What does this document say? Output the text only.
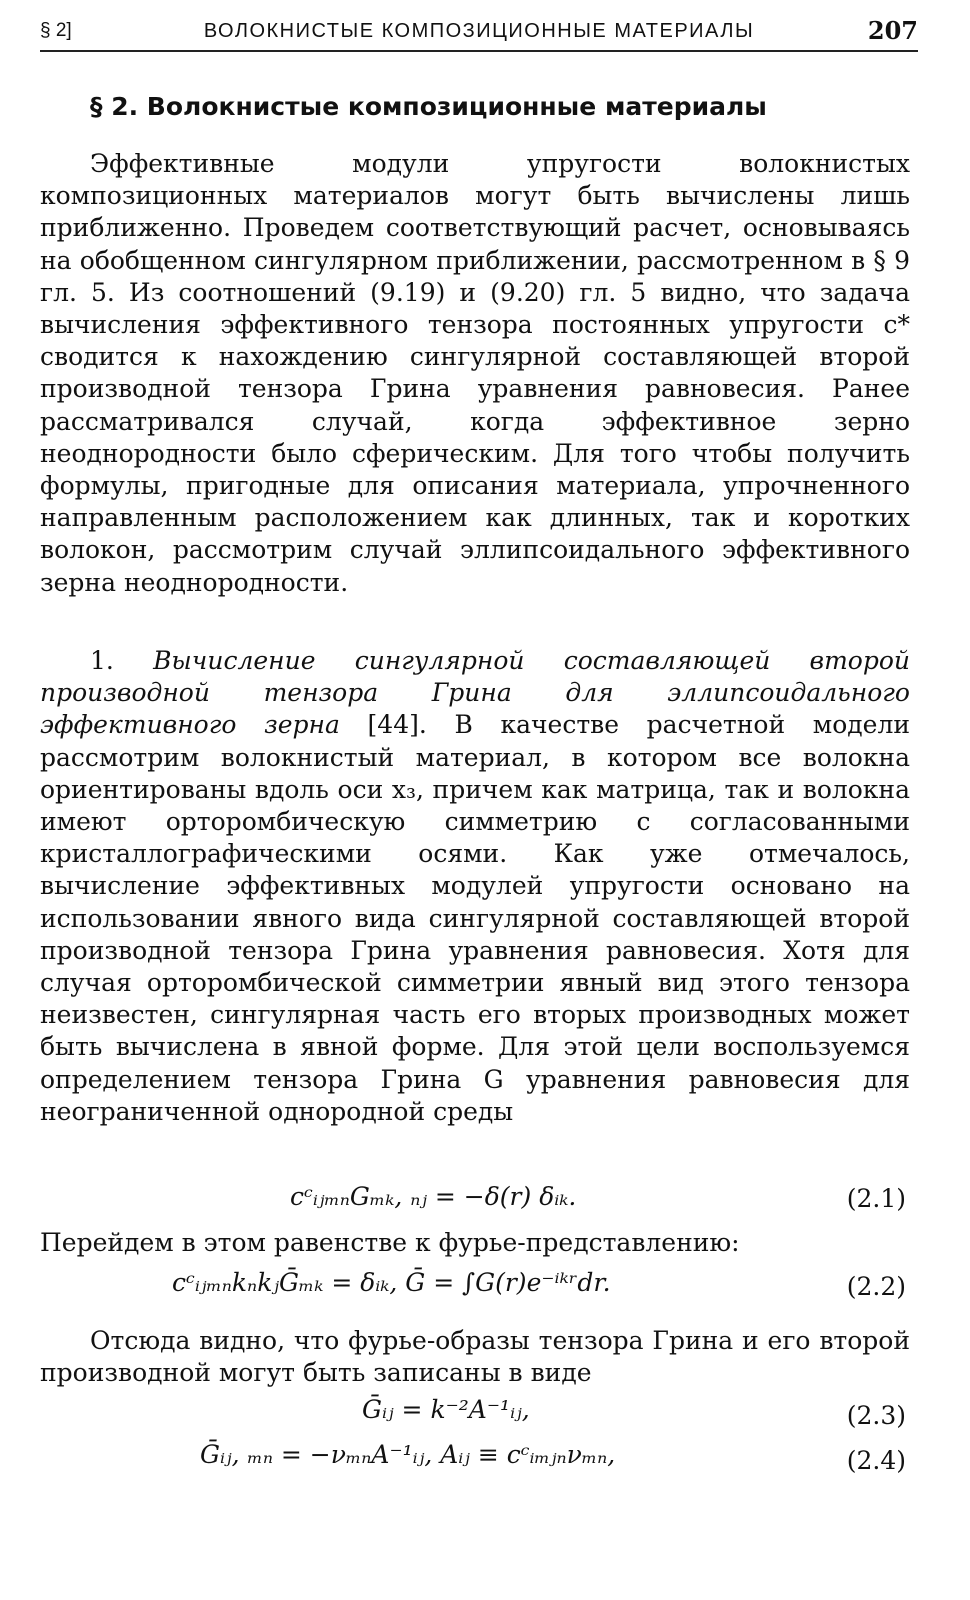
§ 2]	ВОЛОКНИСТЫЕ КОМПОЗИЦИОННЫЕ МАТЕРИАЛЫ	207
§ 2. Волокнистые композиционные материалы
Эффективные модули упругости волокнистых композиционных материалов могут быть вычислены лишь приближенно. Проведем соответствующий расчет, основываясь на обобщенном сингулярном приближении, рассмотренном в § 9 гл. 5. Из соотношений (9.19) и (9.20) гл. 5 видно, что задача вычисления эффективного тензора постоянных упругости c* сводится к нахождению сингулярной составляющей второй производной тензора Грина уравнения равновесия. Ранее рассматривался случай, когда эффективное зерно неоднородности было сферическим. Для того чтобы получить формулы, пригодные для описания материала, упрочненного направленным расположением как длинных, так и коротких волокон, рассмотрим случай эллипсоидального эффективного зерна неоднородности.
1. Вычисление сингулярной составляющей второй производной тензора Грина для эллипсоидального эффективного зерна [44]. В качестве расчетной модели рассмотрим волокнистый материал, в котором все волокна ориентированы вдоль оси x₃, причем как матрица, так и волокна имеют орторомбическую симметрию с согласованными кристаллографическими осями. Как уже отмечалось, вычисление эффективных модулей упругости основано на использовании явного вида сингулярной составляющей второй производной тензора Грина уравнения равновесия. Хотя для случая орторомбической симметрии явный вид этого тензора неизвестен, сингулярная часть его вторых производных может быть вычислена в явной форме. Для этой цели воспользуемся определением тензора Грина G уравнения равновесия для неограниченной однородной среды
cᶜᵢⱼₘₙGₘₖ, ₙⱼ = −δ(r) δᵢₖ.	(2.1)
Перейдем в этом равенстве к фурье-представлению:
cᶜᵢⱼₘₙkₙkⱼḠₘₖ = δᵢₖ, Ḡ = ∫G(r)e⁻ⁱᵏʳdr.	(2.2)
Отсюда видно, что фурье-образы тензора Грина и его второй производной могут быть записаны в виде
Ḡᵢⱼ = k⁻²A⁻¹ᵢⱼ,	(2.3)
Ḡᵢⱼ, ₘₙ = −νₘₙA⁻¹ᵢⱼ, Aᵢⱼ ≡ cᶜᵢₘⱼₙνₘₙ,	(2.4)
